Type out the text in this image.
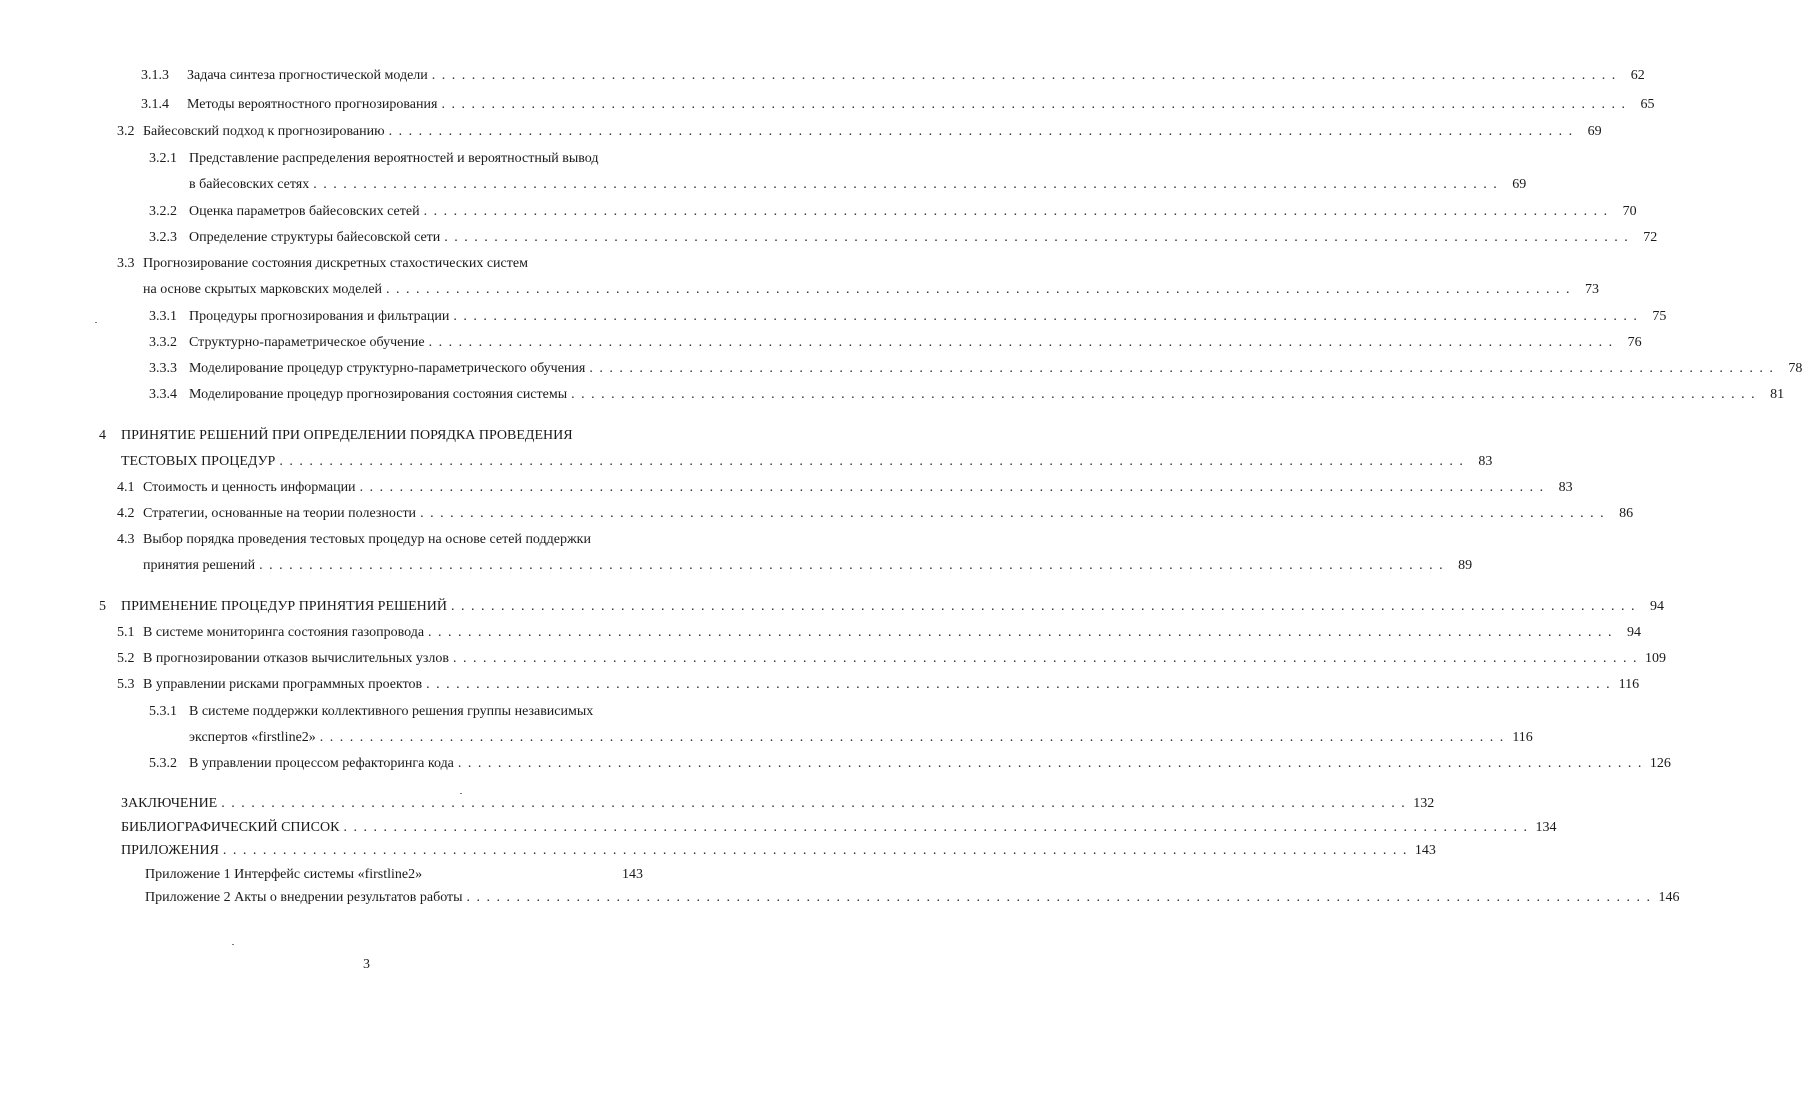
3.1.3	Задача синтеза прогностической модели . . . . . . . . . . . . . . . . . . . . . . . . . . . . . . . . . . . . . . . . . . . . . . . . . . . . . . . . . . . . . . . . . . . . . . . . . . . . . . . . . . . . . . . . . . . . . . . . . . . . . . . . . . . . . . . . . . . . . . .	62
3.1.4	Методы вероятностного прогнозирования . . . . . . . . . . . . . . . . . . . . . . . . . . . . . . . . . . . . . . . . . . . . . . . . . . . . . . . . . . . . . . . . . . . . . . . . . . . . . . . . . . . . . . . . . . . . . . . . . . . . . . . . . . . . . . . . . . . . . . .	65
3.2 Байесовский подход к прогнозированию . . . . . . . . . . . . . . . . . . . . . . . . . . . . . . . . . . . . . . . . . . . . . . . . . . . . . . . . . . . . . . . . . . . . . . . . . . . . . . . . . . . . . . . . . . . . . . . . . . . . . . . . . . . . . . . . . . . . . . .	69
3.2.1 Представление распределения вероятностей и вероятностный вывод
в байесовских сетях . . . . . . . . . . . . . . . . . . . . . . . . . . . . . . . . . . . . . . . . . . . . . . . . . . . . . . . . . . . . . . . . . . . . . . . . . . . . . . . . . . . . . . . . . . . . . . . . . . . . . . . . . . . . . . . . . . . . . . .	69
3.2.2 Оценка параметров байесовских сетей . . . . . . . . . . . . . . . . . . . . . . . . . . . . . . . . . . . . . . . . . . . . . . . . . . . . . . . . . . . . . . . . . . . . . . . . . . . . . . . . . . . . . . . . . . . . . . . . . . . . . . . . . . . . . . . . . . . . . . .	70
3.2.3 Определение структуры байесовской сети . . . . . . . . . . . . . . . . . . . . . . . . . . . . . . . . . . . . . . . . . . . . . . . . . . . . . . . . . . . . . . . . . . . . . . . . . . . . . . . . . . . . . . . . . . . . . . . . . . . . . . . . . . . . . . . . . . . . . . .	72
3.3 Прогнозирование состояния дискретных стахостических систем
на основе скрытых марковских моделей . . . . . . . . . . . . . . . . . . . . . . . . . . . . . . . . . . . . . . . . . . . . . . . . . . . . . . . . . . . . . . . . . . . . . . . . . . . . . . . . . . . . . . . . . . . . . . . . . . . . . . . . . . . . . . . . . . . . . . .	73
3.3.1 Процедуры прогнозирования и фильтрации . . . . . . . . . . . . . . . . . . . . . . . . . . . . . . . . . . . . . . . . . . . . . . . . . . . . . . . . . . . . . . . . . . . . . . . . . . . . . . . . . . . . . . . . . . . . . . . . . . . . . . . . . . . . . . . . . . . . . . .	75
3.3.2 Структурно-параметрическое обучение . . . . . . . . . . . . . . . . . . . . . . . . . . . . . . . . . . . . . . . . . . . . . . . . . . . . . . . . . . . . . . . . . . . . . . . . . . . . . . . . . . . . . . . . . . . . . . . . . . . . . . . . . . . . . . . . . . . . . . .	76
3.3.3 Моделирование процедур структурно-параметрического обучения . . . . . . . . . . . . . . . . . . . . . . . . . . . . . . . . . . . . . . . . . . . . . . . . . . . . . . . . . . . . . . . . . . . . . . . . . . . . . . . . . . . . . . . . . . . . . . . . . . . . . . . . . . . . . . . . . . . . . . .	78
3.3.4 Моделирование процедур прогнозирования состояния системы . . . . . . . . . . . . . . . . . . . . . . . . . . . . . . . . . . . . . . . . . . . . . . . . . . . . . . . . . . . . . . . . . . . . . . . . . . . . . . . . . . . . . . . . . . . . . . . . . . . . . . . . . . . . . . . . . . . . . . .	81
4	ПРИНЯТИЕ РЕШЕНИЙ ПРИ ОПРЕДЕЛЕНИИ ПОРЯДКА ПРОВЕДЕНИЯ
ТЕСТОВЫХ ПРОЦЕДУР . . . . . . . . . . . . . . . . . . . . . . . . . . . . . . . . . . . . . . . . . . . . . . . . . . . . . . . . . . . . . . . . . . . . . . . . . . . . . . . . . . . . . . . . . . . . . . . . . . . . . . . . . . . . . . . . . . . . . . .	83
4.1 Стоимость и ценность информации . . . . . . . . . . . . . . . . . . . . . . . . . . . . . . . . . . . . . . . . . . . . . . . . . . . . . . . . . . . . . . . . . . . . . . . . . . . . . . . . . . . . . . . . . . . . . . . . . . . . . . . . . . . . . . . . . . . . . . .	83
4.2 Стратегии, основанные на теории полезности . . . . . . . . . . . . . . . . . . . . . . . . . . . . . . . . . . . . . . . . . . . . . . . . . . . . . . . . . . . . . . . . . . . . . . . . . . . . . . . . . . . . . . . . . . . . . . . . . . . . . . . . . . . . . . . . . . . . . . .	86
4.3 Выбор порядка проведения тестовых процедур на основе сетей поддержки
принятия решений . . . . . . . . . . . . . . . . . . . . . . . . . . . . . . . . . . . . . . . . . . . . . . . . . . . . . . . . . . . . . . . . . . . . . . . . . . . . . . . . . . . . . . . . . . . . . . . . . . . . . . . . . . . . . . . . . . . . . . .	89
5	ПРИМЕНЕНИЕ ПРОЦЕДУР ПРИНЯТИЯ РЕШЕНИЙ . . . . . . . . . . . . . . . . . . . . . . . . . . . . . . . . . . . . . . . . . . . . . . . . . . . . . . . . . . . . . . . . . . . . . . . . . . . . . . . . . . . . . . . . . . . . . . . . . . . . . . . . . . . . . . . . . . . . . . .	94
5.1 В системе мониторинга состояния газопровода . . . . . . . . . . . . . . . . . . . . . . . . . . . . . . . . . . . . . . . . . . . . . . . . . . . . . . . . . . . . . . . . . . . . . . . . . . . . . . . . . . . . . . . . . . . . . . . . . . . . . . . . . . . . . . . . . . . . . . .	94
5.2 В прогнозировании отказов вычислительных узлов . . . . . . . . . . . . . . . . . . . . . . . . . . . . . . . . . . . . . . . . . . . . . . . . . . . . . . . . . . . . . . . . . . . . . . . . . . . . . . . . . . . . . . . . . . . . . . . . . . . . . . . . . . . . . . . . . . . . . . . 109
5.3 В управлении рисками программных проектов . . . . . . . . . . . . . . . . . . . . . . . . . . . . . . . . . . . . . . . . . . . . . . . . . . . . . . . . . . . . . . . . . . . . . . . . . . . . . . . . . . . . . . . . . . . . . . . . . . . . . . . . . . . . . . . . . . . . . . . 116
5.3.1 В системе поддержки коллективного решения группы независимых
экспертов «firstline2» . . . . . . . . . . . . . . . . . . . . . . . . . . . . . . . . . . . . . . . . . . . . . . . . . . . . . . . . . . . . . . . . . . . . . . . . . . . . . . . . . . . . . . . . . . . . . . . . . . . . . . . . . . . . . . . . . . . . . . . 116
5.3.2 В управлении процессом рефакторинга кода . . . . . . . . . . . . . . . . . . . . . . . . . . . . . . . . . . . . . . . . . . . . . . . . . . . . . . . . . . . . . . . . . . . . . . . . . . . . . . . . . . . . . . . . . . . . . . . . . . . . . . . . . . . . . . . . . . . . . . . 126
ЗАКЛЮЧЕНИЕ . . . . . . . . . . . . . . . . . . . . . . . . . . . . . . . . . . . . . . . . . . . . . . . . . . . . . . . . . . . . . . . . . . . . . . . . . . . . . . . . . . . . . . . . . . . . . . . . . . . . . . . . . . . . . . . . . . . . . . . 132
БИБЛИОГРАФИЧЕСКИЙ СПИСОК . . . . . . . . . . . . . . . . . . . . . . . . . . . . . . . . . . . . . . . . . . . . . . . . . . . . . . . . . . . . . . . . . . . . . . . . . . . . . . . . . . . . . . . . . . . . . . . . . . . . . . . . . . . . . . . . . . . . . . . 134
ПРИЛОЖЕНИЯ . . . . . . . . . . . . . . . . . . . . . . . . . . . . . . . . . . . . . . . . . . . . . . . . . . . . . . . . . . . . . . . . . . . . . . . . . . . . . . . . . . . . . . . . . . . . . . . . . . . . . . . . . . . . . . . . . . . . . . . 143
Приложение 1 Интерфейс системы «firstline2»	143
Приложение 2 Акты о внедрении результатов работы . . . . . . . . . . . . . . . . . . . . . . . . . . . . . . . . . . . . . . . . . . . . . . . . . . . . . . . . . . . . . . . . . . . . . . . . . . . . . . . . . . . . . . . . . . . . . . . . . . . . . . . . . . . . . . . . . . . . . . . 146
3
